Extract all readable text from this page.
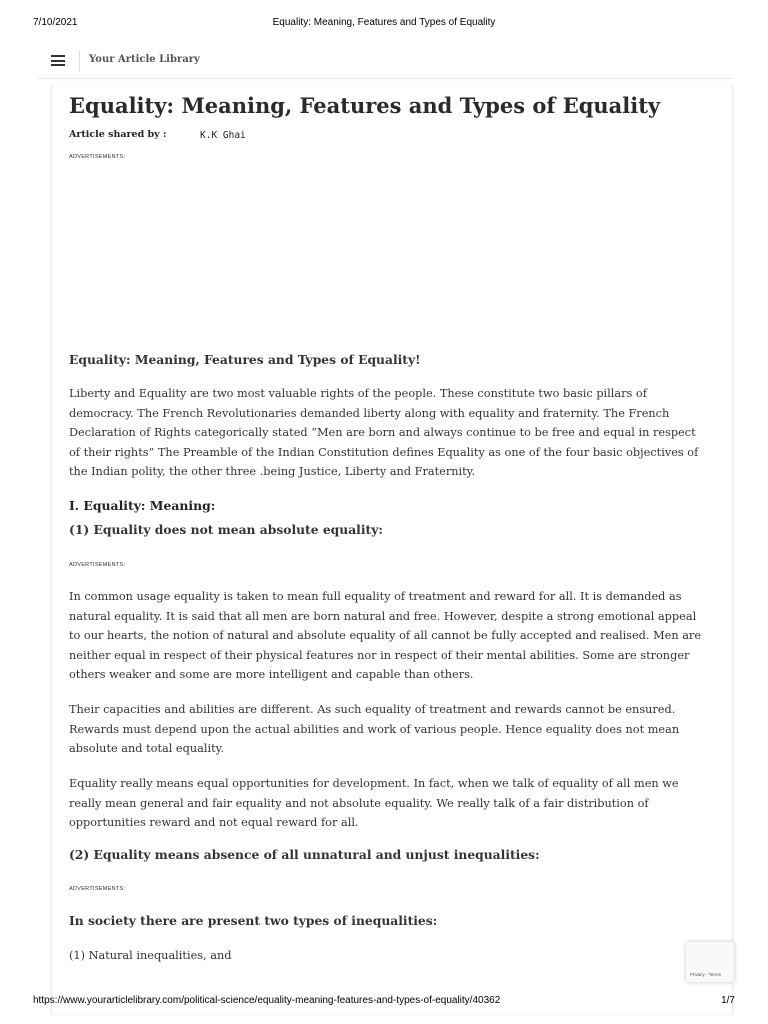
7/10/2021	Equality: Meaning, Features and Types of Equality
Your Article Library
Equality: Meaning, Features and Types of Equality
Article shared by :	K.K Ghai
ADVERTISEMENTS:
Equality: Meaning, Features and Types of Equality!

Liberty and Equality are two most valuable rights of the people. These constitute two basic pillars of democracy. The French Revolutionaries demanded liberty along with equality and fraternity. The French Declaration of Rights categorically stated “Men are born and always continue to be free and equal in respect of their rights” The Preamble of the Indian Constitution defines Equality as one of the four basic objectives of the Indian polity, the other three .being Justice, Liberty and Fraternity.

I. Equality: Meaning:
(1) Equality does not mean absolute equality:
ADVERTISEMENTS:

In common usage equality is taken to mean full equality of treatment and reward for all. It is demanded as natural equality. It is said that all men are born natural and free. However, despite a strong emotional appeal to our hearts, the notion of natural and absolute equality of all cannot be fully accepted and realised. Men are neither equal in respect of their physical features nor in respect of their mental abilities. Some are stronger others weaker and some are more intelligent and capable than others.

Their capacities and abilities are different. As such equality of treatment and rewards cannot be ensured. Rewards must depend upon the actual abilities and work of various people. Hence equality does not mean absolute and total equality.

Equality really means equal opportunities for development. In fact, when we talk of equality of all men we really mean general and fair equality and not absolute equality. We really talk of a fair distribution of opportunities reward and not equal reward for all.

(2) Equality means absence of all unnatural and unjust inequalities:
ADVERTISEMENTS:
In society there are present two types of inequalities:

(1) Natural inequalities, and

Privacy - Terms
https://www.yourarticlelibrary.com/political-science/equality-meaning-features-and-types-of-equality/40362	1/7
